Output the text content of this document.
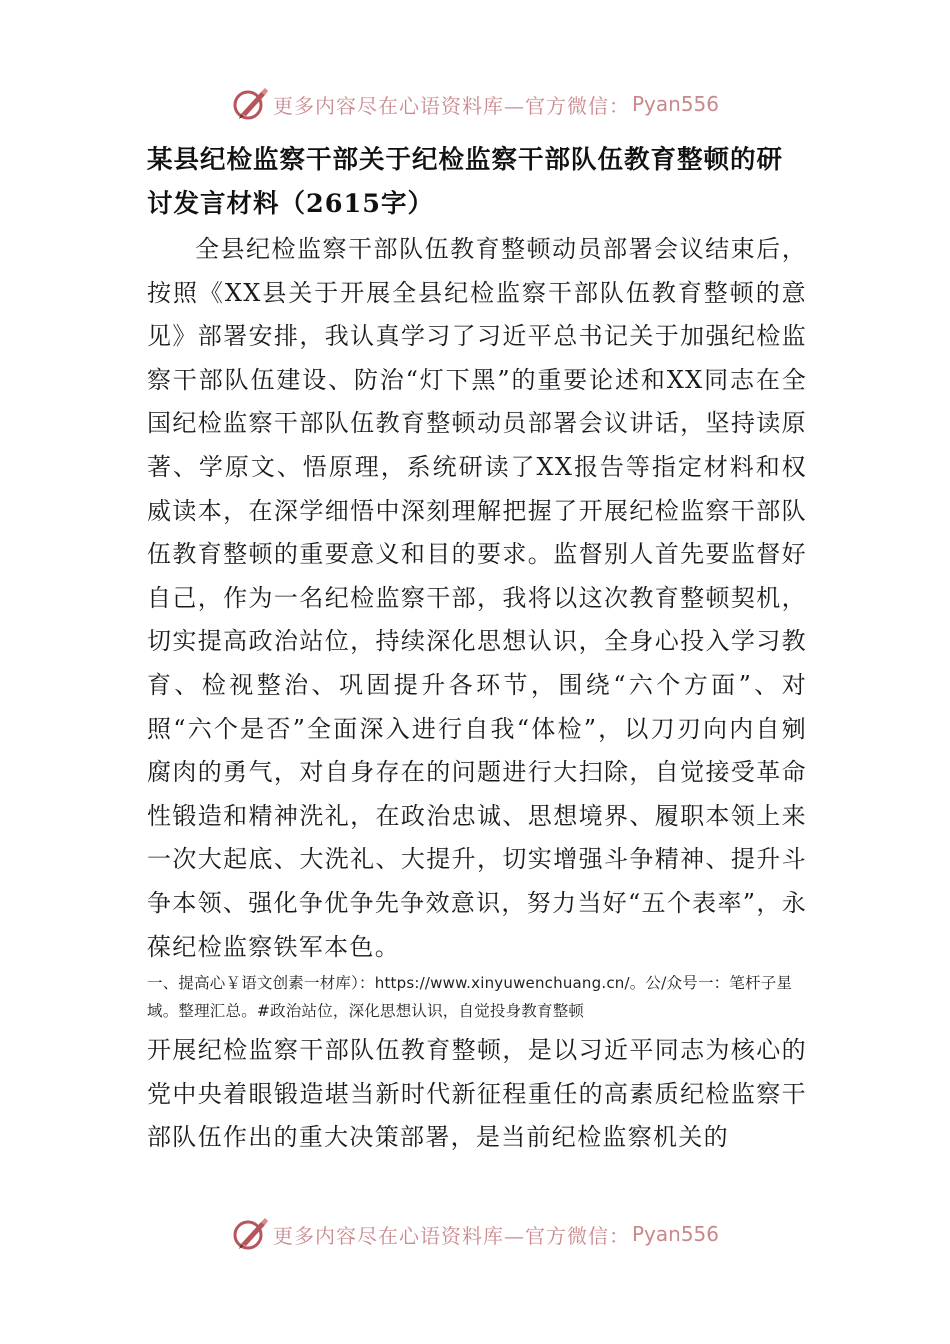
更多内容尽在心语资料库—官方微信： Pyan556
某县纪检监察干部关于纪检监察干部队伍教育整顿的研讨发言材料（2615字）

全县纪检监察干部队伍教育整顿动员部署会议结束后，按照《XX县关于开展全县纪检监察干部队伍教育整顿的意见》部署安排，我认真学习了习近平总书记关于加强纪检监察干部队伍建设、防治“灯下黑”的重要论述和XX同志在全国纪检监察干部队伍教育整顿动员部署会议讲话，坚持读原著、学原文、悟原理，系统研读了XX报告等指定材料和权威读本，在深学细悟中深刻理解把握了开展纪检监察干部队伍教育整顿的重要意义和目的要求。监督别人首先要监督好自己，作为一名纪检监察干部，我将以这次教育整顿契机，切实提高政治站位，持续深化思想认识，全身心投入学习教育、检视整治、巩固提升各环节，围绕“六个方面”、对照“六个是否”全面深入进行自我“体检”，以刀刃向内自剜腐肉的勇气，对自身存在的问题进行大扫除，自觉接受革命性锻造和精神洗礼，在政治忠诚、思想境界、履职本领上来一次大起底、大洗礼、大提升，切实增强斗争精神、提升斗争本领、强化争优争先争效意识，努力当好“五个表率”，永葆纪检监察铁军本色。

一、提高心￥语文创素一材库）：https://www.xinyuwenchuang.cn/。公/众号一：笔杆子星域。整理汇总。#政治站位，深化思想认识，自觉投身教育整顿

开展纪检监察干部队伍教育整顿，是以习近平同志为核心的党中央着眼锻造堪当新时代新征程重任的高素质纪检监察干部队伍作出的重大决策部署，是当前纪检监察机关的

更多内容尽在心语资料库—官方微信： Pyan556
